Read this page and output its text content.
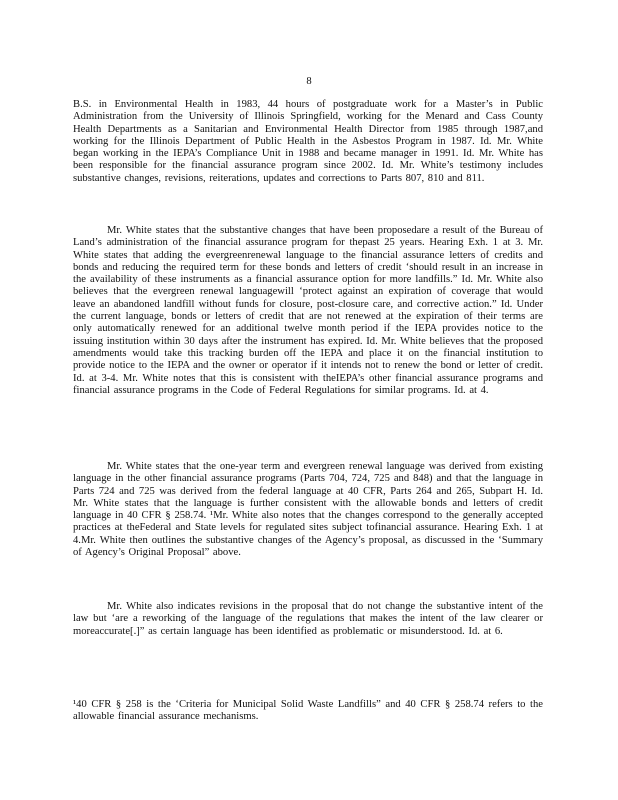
8

B.S. in Environmental Health in 1983, 44 hours of postgraduate work for a Master’s in Public Administration from the University of Illinois Springfield, working for the Menard and Cass County Health Departments as a Sanitarian and Environmental Health Director from 1985 through 1987,and working for the Illinois Department of Public Health in the Asbestos Program in 1987. Id. Mr. White began working in the IEPA’s Compliance Unit in 1988 and became manager in 1991. Id. Mr. White has been responsible for the financial assurance program since 2002. Id. Mr. White’s testimony includes substantive changes, revisions, reiterations, updates and corrections to Parts 807, 810 and 811.

Mr. White states that the substantive changes that have been proposedare a result of the Bureau of Land’s administration of the financial assurance program for thepast 25 years. Hearing Exh. 1 at 3. Mr. White states that adding the evergreenrenewal language to the financial assurance letters of credits and bonds and reducing the required term for these bonds and letters of credit ‘should result in an increase in the availability of these instruments as a financial assurance option for more landfills.” Id. Mr. White also believes that the evergreen renewal languagewill ‘protect against an expiration of coverage that would leave an abandoned landfill without funds for closure, post-closure care, and corrective action.” Id. Under the current language, bonds or letters of credit that are not renewed at the expiration of their terms are only automatically renewed for an additional twelve month period if the IEPA provides notice to the issuing institution within 30 days after the instrument has expired. Id. Mr. White believes that the proposed amendments would take this tracking burden off the IEPA and place it on the financial institution to provide notice to the IEPA and the owner or operator if it intends not to renew the bond or letter of credit. Id. at 3-4. Mr. White notes that this is consistent with theIEPA’s other financial assurance programs and financial assurance programs in the Code of Federal Regulations for similar programs. Id. at 4.

Mr. White states that the one-year term and evergreen renewal language was derived from existing language in the other financial assurance programs (Parts 704, 724, 725 and 848) and that the language in Parts 724 and 725 was derived from the federal language at 40 CFR, Parts 264 and 265, Subpart H. Id. Mr. White states that the language is further consistent with the allowable bonds and letters of credit language in 40 CFR § 258.74. ¹Mr. White also notes that the changes correspond to the generally accepted practices at theFederal and State levels for regulated sites subject tofinancial assurance. Hearing Exh. 1 at 4.Mr. White then outlines the substantive changes of the Agency’s proposal, as discussed in the ‘Summary of Agency’s Original Proposal” above.

Mr. White also indicates revisions in the proposal that do not change the substantive intent of the law but ‘are a reworking of the language of the regulations that makes the intent of the law clearer or moreaccurate[.]” as certain language has been identified as problematic or misunderstood. Id. at 6.

¹40 CFR § 258 is the ‘Criteria for Municipal Solid Waste Landfills” and 40 CFR § 258.74 refers to the allowable financial assurance mechanisms.
